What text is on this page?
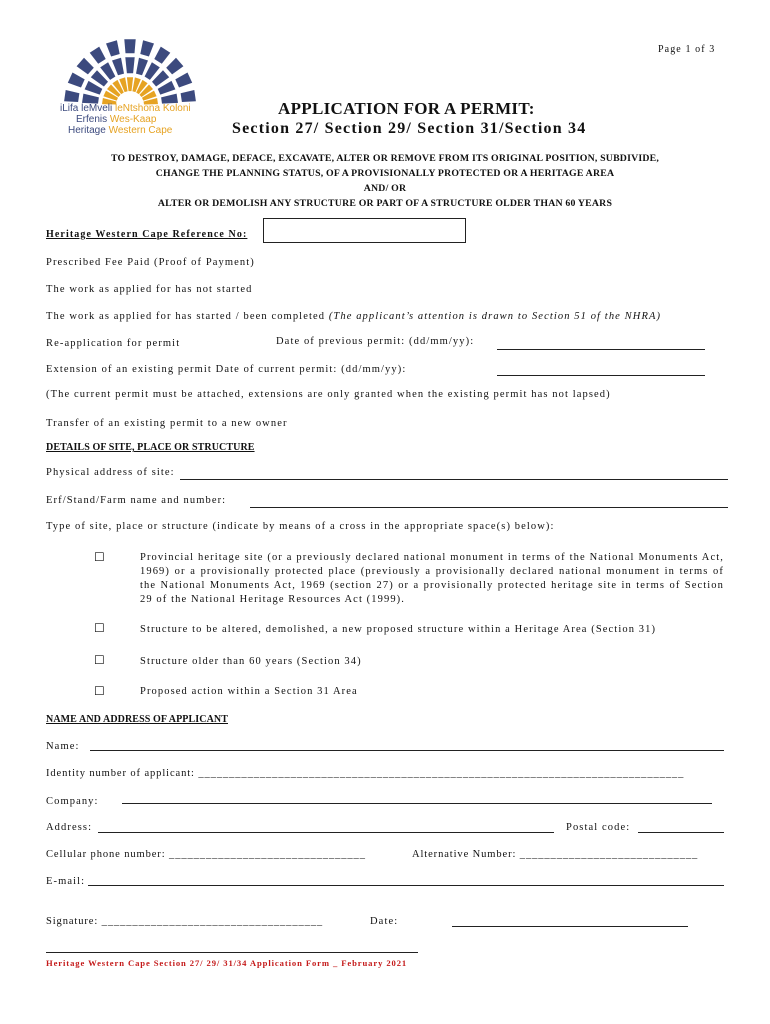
Page 1 of 3
iLifa leMveli leNtshona Koloni
Erfenis Wes-Kaap
Heritage Western Cape
APPLICATION FOR A PERMIT:
Section 27/ Section 29/ Section 31/Section 34
TO DESTROY, DAMAGE, DEFACE, EXCAVATE, ALTER OR REMOVE FROM ITS ORIGINAL POSITION, SUBDIVIDE,
CHANGE THE PLANNING STATUS, OF A PROVISIONALLY PROTECTED OR A HERITAGE AREA
AND/ OR
ALTER OR DEMOLISH ANY STRUCTURE OR PART OF A STRUCTURE OLDER THAN 60 YEARS
Heritage Western Cape Reference No:
Prescribed Fee Paid (Proof of Payment)
The work as applied for has not started
The work as applied for has started / been completed (The applicant’s attention is drawn to Section 51 of the NHRA)
Re-application for permit	Date of previous permit: (dd/mm/yy):
Extension of an existing permit Date of current permit: (dd/mm/yy):
(The current permit must be attached, extensions are only granted when the existing permit has not lapsed)
Transfer of an existing permit to a new owner
DETAILS OF SITE, PLACE OR STRUCTURE
Physical address of site:
Erf/Stand/Farm name and number:
Type of site, place or structure (indicate by means of a cross in the appropriate space(s) below):
☐	Provincial heritage site (or a previously declared national monument in terms of the National Monuments Act, 1969) or a provisionally protected place (previously a provisionally declared national monument in terms of the National Monuments Act, 1969 (section 27) or a provisionally protected heritage site in terms of Section 29 of the National Heritage Resources Act (1999).
☐	Structure to be altered, demolished, a new proposed structure within a Heritage Area (Section 31)
☐	Structure older than 60 years (Section 34)
☐	Proposed action within a Section 31 Area
NAME AND ADDRESS OF APPLICANT
Name:
Identity number of applicant: _______________________________________________________________________________
Company:
Address:	Postal code:
Cellular phone number: ________________________________	Alternative Number: _____________________________
E-mail:
Signature: ____________________________________	Date:
Heritage Western Cape Section 27/ 29/ 31/34 Application Form _ February 2021
